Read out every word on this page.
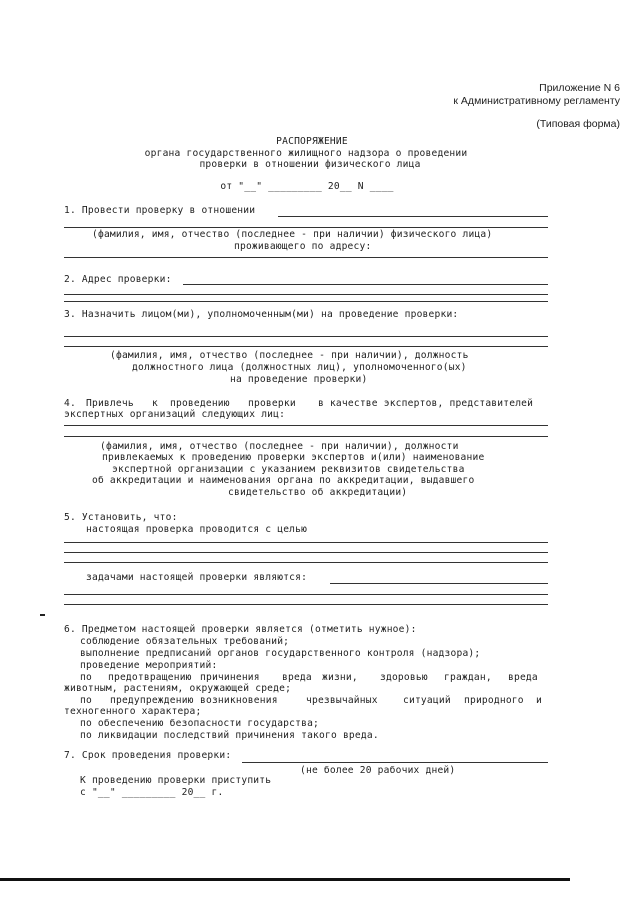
Приложение N 6
к Административному регламенту
(Типовая форма)
РАСПОРЯЖЕНИЕ
органа государственного жилищного надзора о проведении
проверки в отношении физического лица
от "__" _________ 20__ N ____
1. Провести проверку в отношении
(фамилия, имя, отчество (последнее - при наличии) физического лица)
проживающего по адресу:
2. Адрес проверки:
3. Назначить лицом(ми), уполномоченным(ми) на проведение проверки:
(фамилия, имя, отчество (последнее - при наличии), должность
должностного лица (должностных лиц), уполномоченного(ых)
на проведение проверки)
4. Привлечь к проведению проверки в качестве экспертов, представителей
экспертных организаций следующих лиц:
(фамилия, имя, отчество (последнее - при наличии), должности
привлекаемых к проведению проверки экспертов и(или) наименование
экспертной организации с указанием реквизитов свидетельства
об аккредитации и наименования органа по аккредитации, выдавшего
свидетельство об аккредитации)
5. Установить, что:
настоящая проверка проводится с целью
задачами настоящей проверки являются:
6. Предметом настоящей проверки является (отметить нужное):
соблюдение обязательных требований;
выполнение предписаний органов государственного контроля (надзора);
проведение мероприятий:
по предотвращению причинения вреда жизни, здоровью граждан, вреда
животным, растениям, окружающей среде;
по предупреждению возникновения	чрезвычайных	ситуаций природного и
техногенного характера;
по обеспечению безопасности государства;
по ликвидации последствий причинения такого вреда.
7. Срок проведения проверки:
(не более 20 рабочих дней)
К проведению проверки приступить
с "__" _________ 20__ г.
